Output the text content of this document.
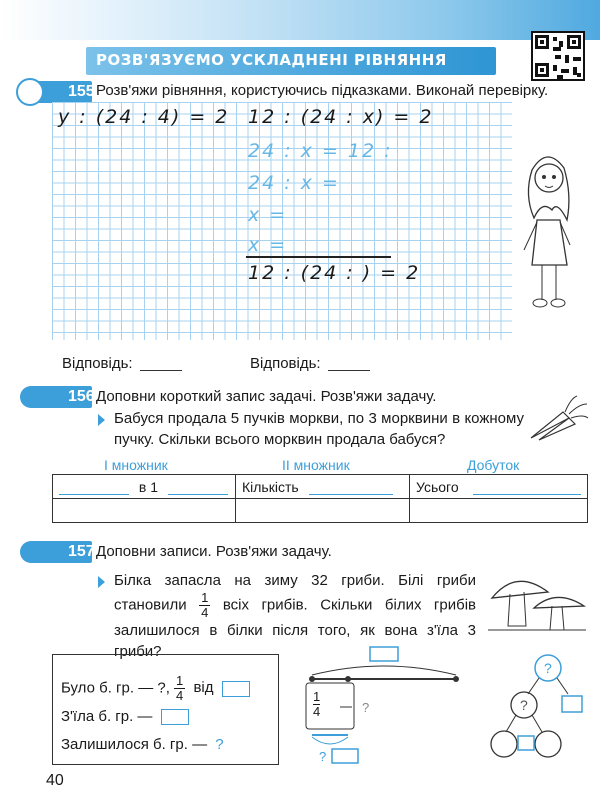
РОЗВ'ЯЗУЄМО УСКЛАДНЕНІ РІВНЯННЯ
155 Розв'яжи рівняння, користуючись підказками. Виконай перевірку.
y : (24 : 4) = 2 12 : (24 : x) = 2
24 : x = 12 :
24 : x =
x =
x =
12 : (24 : ) = 2
Відповідь:	Відповідь:
156 Доповни короткий запис задачі. Розв'яжи задачу.
Бабуся продала 5 пучків моркви, по 3 морквини в кожному пучку. Скільки всього морквин продала бабуся?
І множник	ІІ множник	Добуток
в 1	Кількість	Усього

157 Доповни записи. Розв'яжи задачу.
Білка запасла на зиму 32 гриби. Білі гриби становили $\frac{1}{4}$ всіх грибів. Скільки білих грибів залишилося в білки після того, як вона з'їла 3 гриби?
Було б. гр. — ?, $\frac{1}{4}$ від
З'їла б. гр. —
Залишилося б. гр. — ?
$\frac{1}{4}$	?
?
?
?
40
